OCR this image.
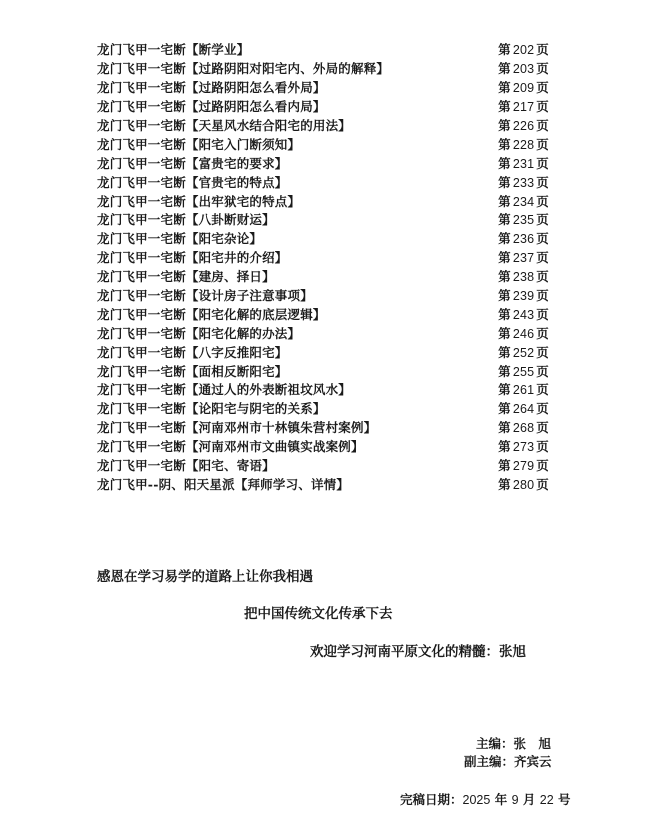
龙门飞甲一宅断【断学业】	第 202 页
龙门飞甲一宅断【过路阴阳对阳宅内、外局的解释】	第 203 页
龙门飞甲一宅断【过路阴阳怎么看外局】	第 209 页
龙门飞甲一宅断【过路阴阳怎么看内局】	第 217 页
龙门飞甲一宅断【天星风水结合阳宅的用法】	第 226 页
龙门飞甲一宅断【阳宅入门断须知】	第 228 页
龙门飞甲一宅断【富贵宅的要求】	第 231 页
龙门飞甲一宅断【官贵宅的特点】	第 233 页
龙门飞甲一宅断【出牢狱宅的特点】	第 234 页
龙门飞甲一宅断【八卦断财运】	第 235 页
龙门飞甲一宅断【阳宅杂论】	第 236 页
龙门飞甲一宅断【阳宅井的介绍】	第 237 页
龙门飞甲一宅断【建房、择日】	第 238 页
龙门飞甲一宅断【设计房子注意事项】	第 239 页
龙门飞甲一宅断【阳宅化解的底层逻辑】	第 243 页
龙门飞甲一宅断【阳宅化解的办法】	第 246 页
龙门飞甲一宅断【八字反推阳宅】	第 252 页
龙门飞甲一宅断【面相反断阳宅】	第 255 页
龙门飞甲一宅断【通过人的外表断祖坟风水】	第 261 页
龙门飞甲一宅断【论阳宅与阴宅的关系】	第 264 页
龙门飞甲一宅断【河南邓州市十林镇朱营村案例】	第 268 页
龙门飞甲一宅断【河南邓州市文曲镇实战案例】	第 273 页
龙门飞甲一宅断【阳宅、寄语】	第 279 页
龙门飞甲--阴、阳天星派【拜师学习、详情】	第 280 页
感恩在学习易学的道路上让你我相遇
把中国传统文化传承下去
欢迎学习河南平原文化的精髓：张旭
主编：张　旭
副主编：齐宾云
完稿日期：2025 年 9 月 22 号
